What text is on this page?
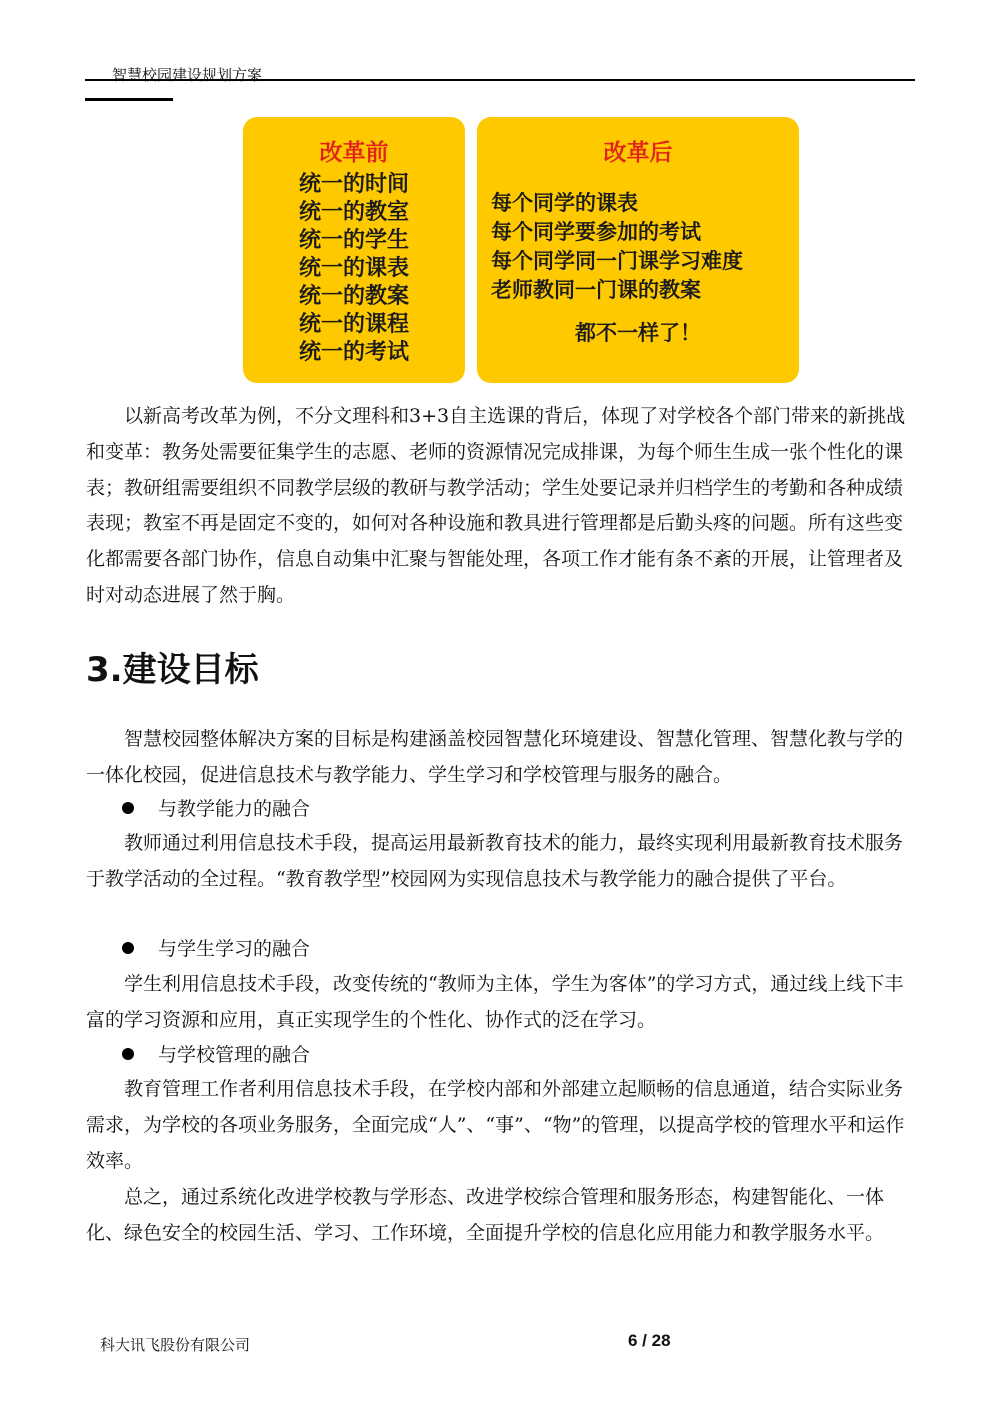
智慧校园建设规划方案
改革前
统一的时间
统一的教室
统一的学生
统一的课表
统一的教案
统一的课程
统一的考试
改革后
每个同学的课表
每个同学要参加的考试
每个同学同一门课学习难度
老师教同一门课的教案
都不一样了！

以新高考改革为例，不分文理科和3+3自主选课的背后，体现了对学校各个部门带来的新挑战和变革：教务处需要征集学生的志愿、老师的资源情况完成排课，为每个师生生成一张个性化的课表；教研组需要组织不同教学层级的教研与教学活动；学生处要记录并归档学生的考勤和各种成绩表现；教室不再是固定不变的，如何对各种设施和教具进行管理都是后勤头疼的问题。所有这些变化都需要各部门协作，信息自动集中汇聚与智能处理，各项工作才能有条不紊的开展，让管理者及时对动态进展了然于胸。

3.建设目标

智慧校园整体解决方案的目标是构建涵盖校园智慧化环境建设、智慧化管理、智慧化教与学的一体化校园，促进信息技术与教学能力、学生学习和学校管理与服务的融合。

与教学能力的融合

教师通过利用信息技术手段，提高运用最新教育技术的能力，最终实现利用最新教育技术服务于教学活动的全过程。“教育教学型”校园网为实现信息技术与教学能力的融合提供了平台。

与学生学习的融合

学生利用信息技术手段，改变传统的“教师为主体，学生为客体”的学习方式，通过线上线下丰富的学习资源和应用，真正实现学生的个性化、协作式的泛在学习。

与学校管理的融合

教育管理工作者利用信息技术手段，在学校内部和外部建立起顺畅的信息通道，结合实际业务需求，为学校的各项业务服务，全面完成“人”、“事”、“物”的管理，以提高学校的管理水平和运作效率。

总之，通过系统化改进学校教与学形态、改进学校综合管理和服务形态，构建智能化、一体化、绿色安全的校园生活、学习、工作环境，全面提升学校的信息化应用能力和教学服务水平。

科大讯飞股份有限公司	6 / 28
